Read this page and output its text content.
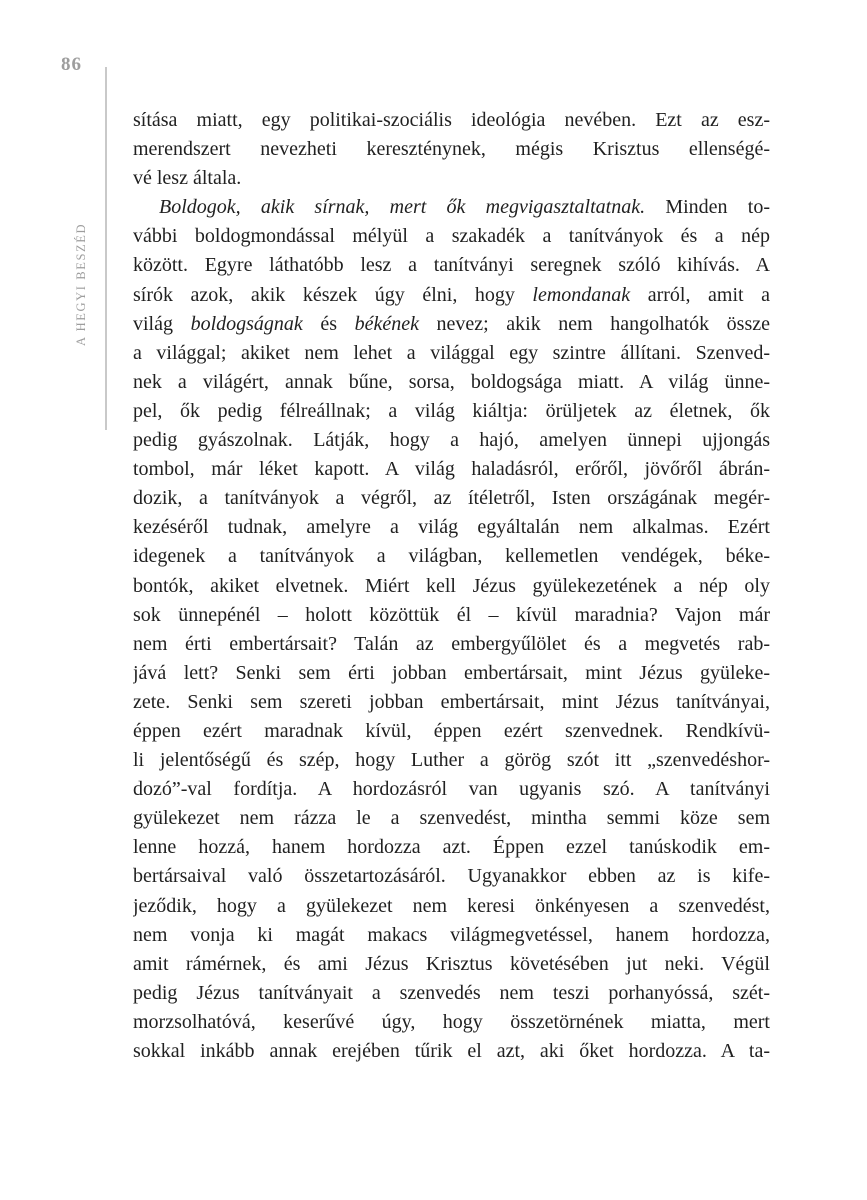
86
A HEGYI BESZÉD
sítása miatt, egy politikai-szociális ideológia nevében. Ezt az esz-
merendszert nevezheti kereszténynek, mégis Krisztus ellenségé-
vé lesz általa.
Boldogok, akik sírnak, mert ők megvigasztaltatnak. Minden to-
vábbi boldogmondással mélyül a szakadék a tanítványok és a nép
között. Egyre láthatóbb lesz a tanítványi seregnek szóló kihívás. A
sírók azok, akik készek úgy élni, hogy lemondanak arról, amit a
világ boldogságnak és békének nevez; akik nem hangolhatók össze
a világgal; akiket nem lehet a világgal egy szintre állítani. Szenved-
nek a világért, annak bűne, sorsa, boldogsága miatt. A világ ünne-
pel, ők pedig félreállnak; a világ kiáltja: örüljetek az életnek, ők
pedig gyászolnak. Látják, hogy a hajó, amelyen ünnepi ujjongás
tombol, már léket kapott. A világ haladásról, erőről, jövőről ábrán-
dozik, a tanítványok a végről, az ítéletről, Isten országának megér-
kezéséről tudnak, amelyre a világ egyáltalán nem alkalmas. Ezért
idegenek a tanítványok a világban, kellemetlen vendégek, béke-
bontók, akiket elvetnek. Miért kell Jézus gyülekezetének a nép oly
sok ünnepénél – holott közöttük él – kívül maradnia? Vajon már
nem érti embertársait? Talán az embergyűlölet és a megvetés rab-
jává lett? Senki sem érti jobban embertársait, mint Jézus gyüleke-
zete. Senki sem szereti jobban embertársait, mint Jézus tanítványai,
éppen ezért maradnak kívül, éppen ezért szenvednek. Rendkívü-
li jelentőségű és szép, hogy Luther a görög szót itt „szenvedéshor-
dozó”-val fordítja. A hordozásról van ugyanis szó. A tanítványi
gyülekezet nem rázza le a szenvedést, mintha semmi köze sem
lenne hozzá, hanem hordozza azt. Éppen ezzel tanúskodik em-
bertársaival való összetartozásáról. Ugyanakkor ebben az is kife-
jeződik, hogy a gyülekezet nem keresi önkényesen a szenvedést,
nem vonja ki magát makacs világmegvetéssel, hanem hordozza,
amit rámérnek, és ami Jézus Krisztus követésében jut neki. Végül
pedig Jézus tanítványait a szenvedés nem teszi porhanyóssá, szét-
morzsolhatóvá, keserűvé úgy, hogy összetörnének miatta, mert
sokkal inkább annak erejében tűrik el azt, aki őket hordozza. A ta-
